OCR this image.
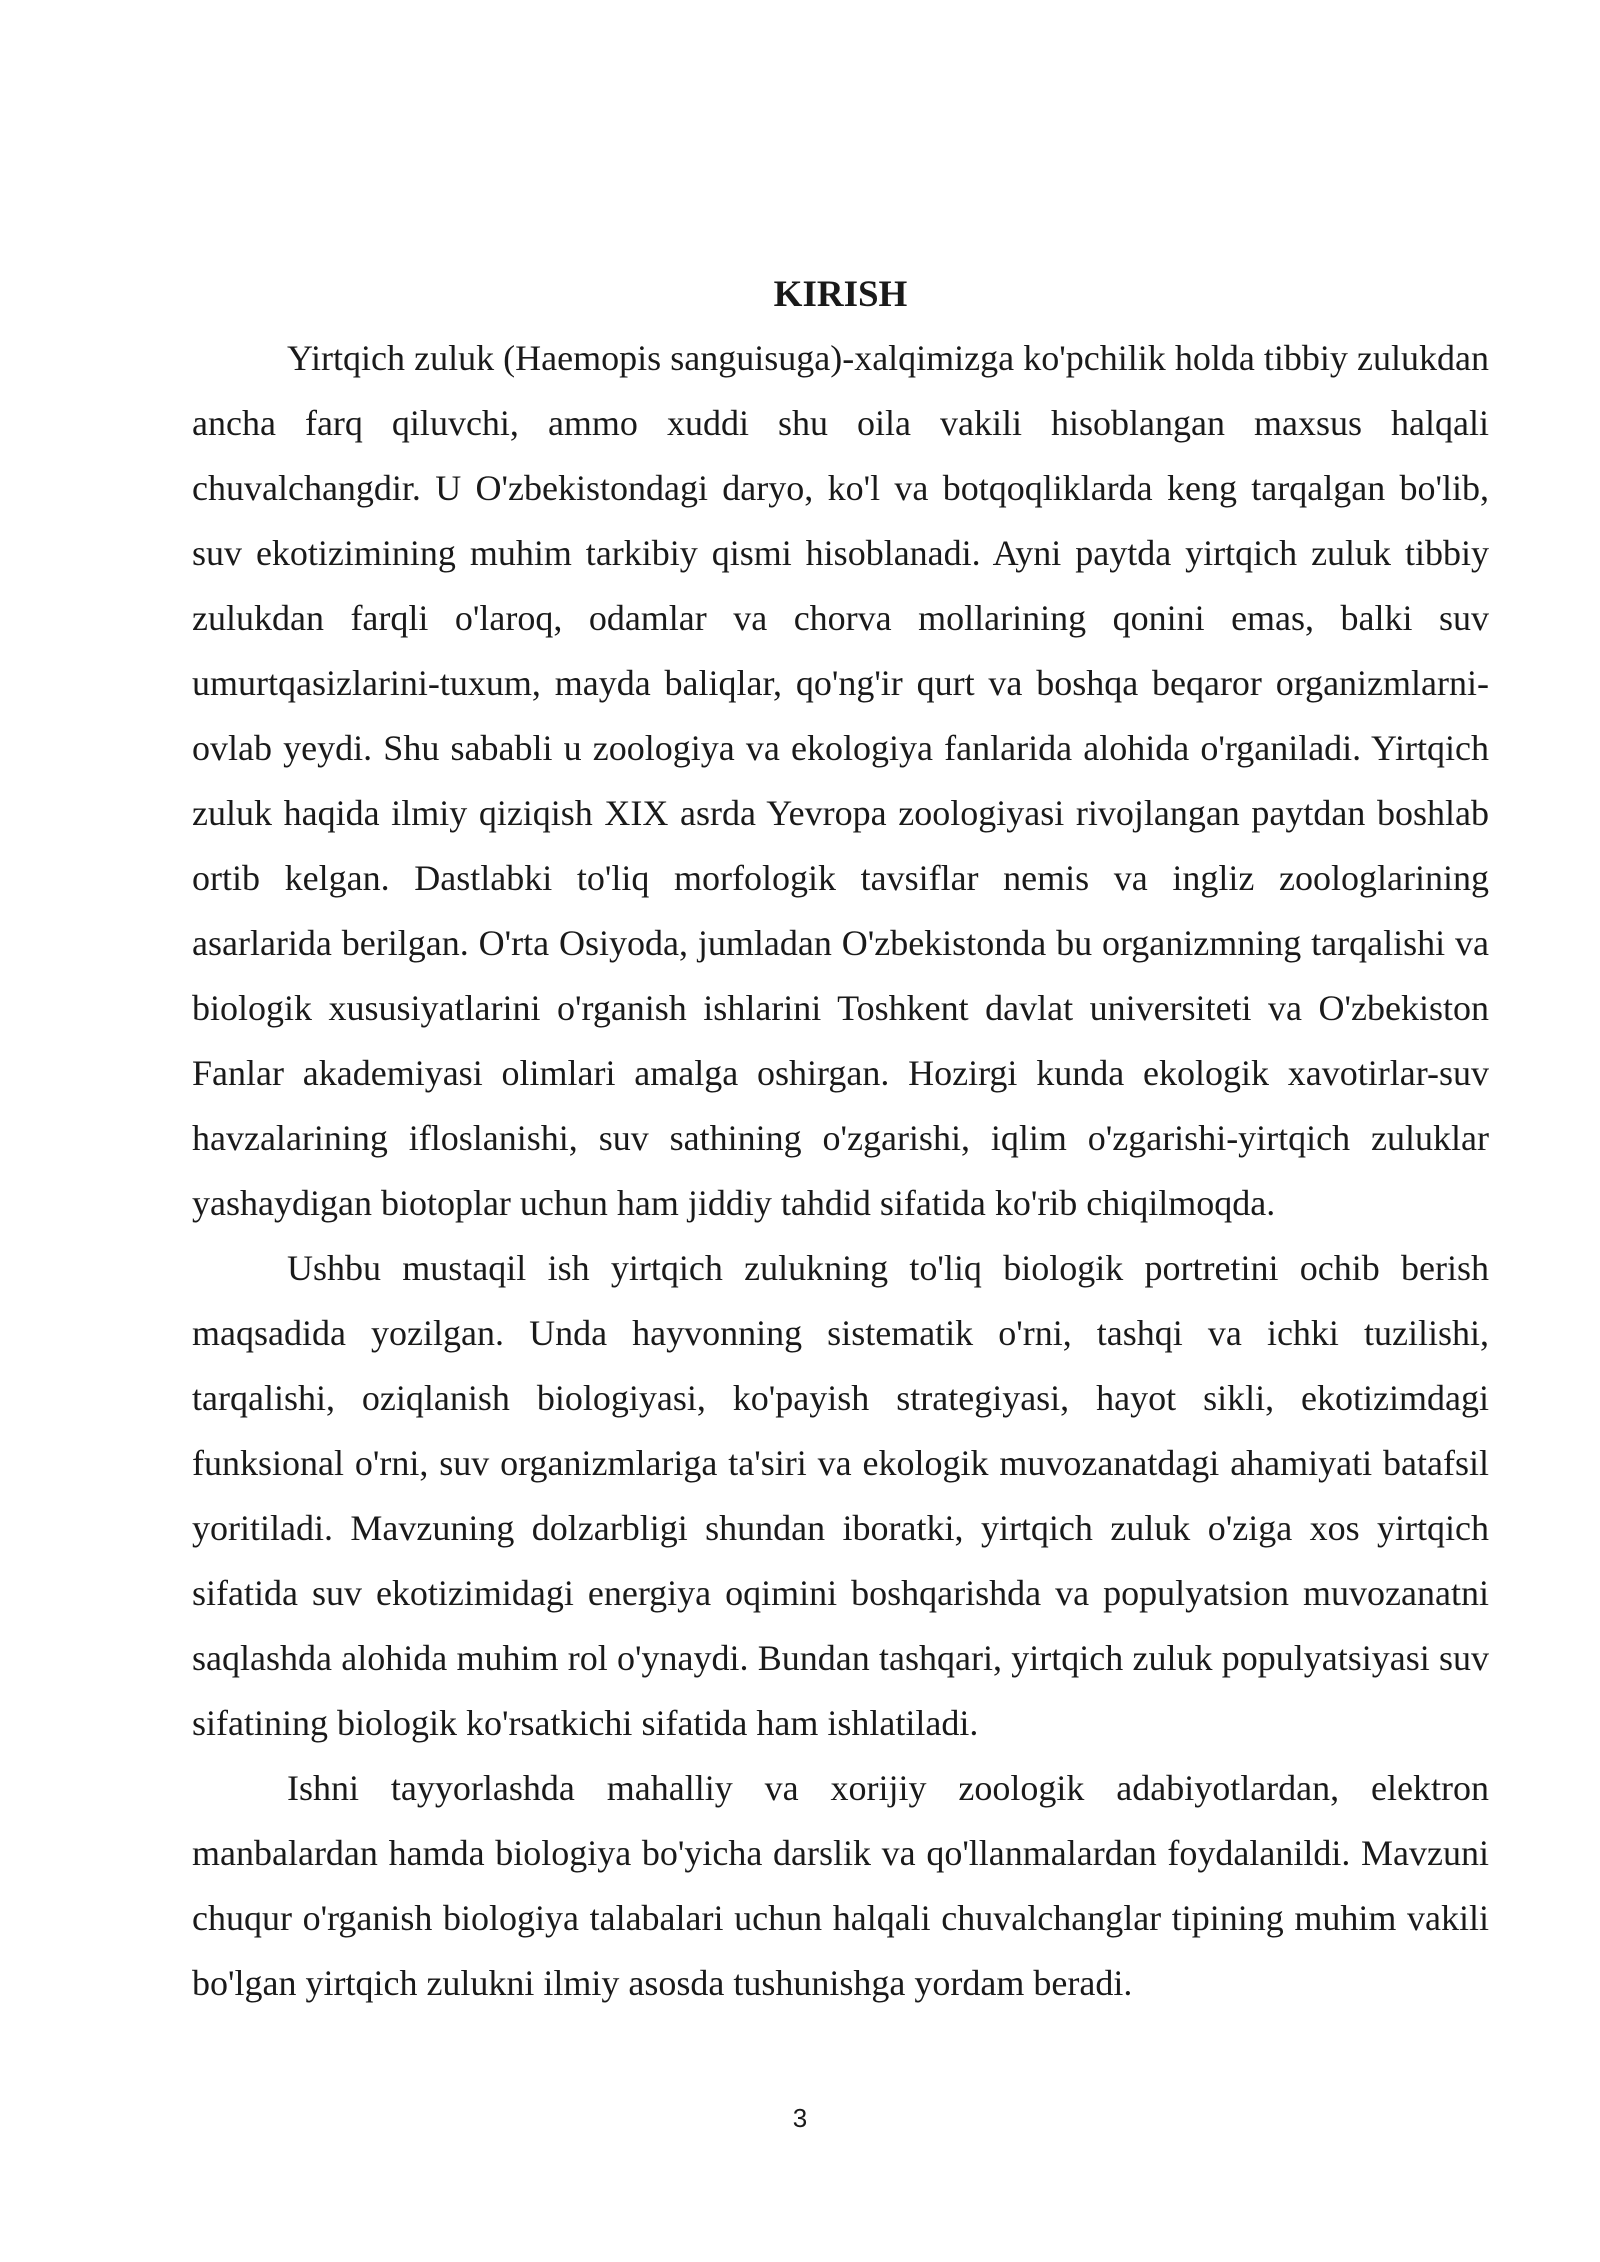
KIRISH

Yirtqich zuluk (Haemopis sanguisuga)-xalqimizga ko'pchilik holda tibbiy zulukdan ancha farq qiluvchi, ammo xuddi shu oila vakili hisoblangan maxsus halqali chuvalchangdir. U O'zbekistondagi daryo, ko'l va botqoqliklarda keng tarqalgan bo'lib, suv ekotizimining muhim tarkibiy qismi hisoblanadi. Ayni paytda yirtqich zuluk tibbiy zulukdan farqli o'laroq, odamlar va chorva mollarining qonini emas, balki suv umurtqasizlarini-tuxum, mayda baliqlar, qo'ng'ir qurt va boshqa beqaror organizmlarni-ovlab yeydi. Shu sababli u zoologiya va ekologiya fanlarida alohida o'rganiladi. Yirtqich zuluk haqida ilmiy qiziqish XIX asrda Yevropa zoologiyasi rivojlangan paytdan boshlab ortib kelgan. Dastlabki to'liq morfologik tavsiflar nemis va ingliz zoologlarining asarlarida berilgan. O'rta Osiyoda, jumladan O'zbekistonda bu organizmning tarqalishi va biologik xususiyatlarini o'rganish ishlarini Toshkent davlat universiteti va O'zbekiston Fanlar akademiyasi olimlari amalga oshirgan. Hozirgi kunda ekologik xavotirlar-suv havzalarining ifloslanishi, suv sathining o'zgarishi, iqlim o'zgarishi-yirtqich zuluklar yashaydigan biotoplar uchun ham jiddiy tahdid sifatida ko'rib chiqilmoqda.

Ushbu mustaqil ish yirtqich zulukning to'liq biologik portretini ochib berish maqsadida yozilgan. Unda hayvonning sistematik o'rni, tashqi va ichki tuzilishi, tarqalishi, oziqlanish biologiyasi, ko'payish strategiyasi, hayot sikli, ekotizimdagi funksional o'rni, suv organizmlariga ta'siri va ekologik muvozanatdagi ahamiyati batafsil yoritiladi. Mavzuning dolzarbligi shundan iboratki, yirtqich zuluk o'ziga xos yirtqich sifatida suv ekotizimidagi energiya oqimini boshqarishda va populyatsion muvozanatni saqlashda alohida muhim rol o'ynaydi. Bundan tashqari, yirtqich zuluk populyatsiyasi suv sifatining biologik ko'rsatkichi sifatida ham ishlatiladi.

Ishni tayyorlashda mahalliy va xorijiy zoologik adabiyotlardan, elektron manbalardan hamda biologiya bo'yicha darslik va qo'llanmalardan foydalanildi. Mavzuni chuqur o'rganish biologiya talabalari uchun halqali chuvalchanglar tipining muhim vakili bo'lgan yirtqich zulukni ilmiy asosda tushunishga yordam beradi.

3
